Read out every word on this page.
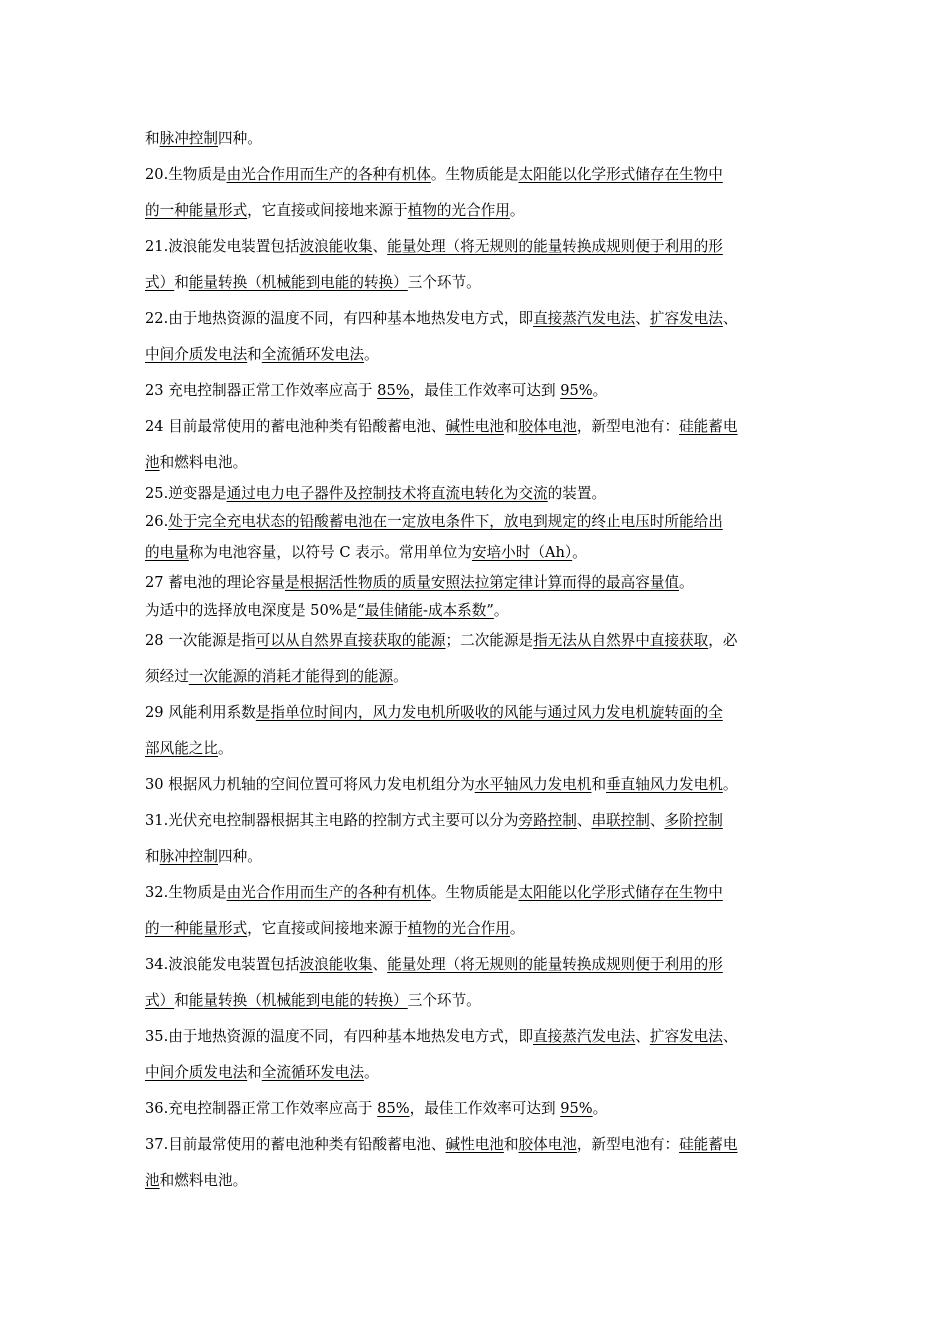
和脉冲控制四种。
20.生物质是由光合作用而生产的各种有机体。生物质能是太阳能以化学形式储存在生物中
的一种能量形式，它直接或间接地来源于植物的光合作用。
21.波浪能发电装置包括波浪能收集、能量处理（将无规则的能量转换成规则便于利用的形
式）和能量转换（机械能到电能的转换）三个环节。
22.由于地热资源的温度不同，有四种基本地热发电方式，即直接蒸汽发电法、扩容发电法、
中间介质发电法和全流循环发电法。
23 充电控制器正常工作效率应高于 85%，最佳工作效率可达到 95%。
24 目前最常使用的蓄电池种类有铅酸蓄电池、碱性电池和胶体电池，新型电池有：硅能蓄电
池和燃料电池。
25.逆变器是通过电力电子器件及控制技术将直流电转化为交流的装置。
26.处于完全充电状态的铅酸蓄电池在一定放电条件下，放电到规定的终止电压时所能给出
的电量称为电池容量，以符号 C 表示。常用单位为安培小时（Ah）。
27 蓄电池的理论容量是根据活性物质的质量安照法拉第定律计算而得的最高容量值。
为适中的选择放电深度是 50%是“最佳储能-成本系数”。
28 一次能源是指可以从自然界直接获取的能源；二次能源是指无法从自然界中直接获取，必
须经过一次能源的消耗才能得到的能源。
29 风能利用系数是指单位时间内，风力发电机所吸收的风能与通过风力发电机旋转面的全
部风能之比。
30 根据风力机轴的空间位置可将风力发电机组分为水平轴风力发电机和垂直轴风力发电机。
31.光伏充电控制器根据其主电路的控制方式主要可以分为旁路控制、串联控制、多阶控制
和脉冲控制四种。
32.生物质是由光合作用而生产的各种有机体。生物质能是太阳能以化学形式储存在生物中
的一种能量形式，它直接或间接地来源于植物的光合作用。
34.波浪能发电装置包括波浪能收集、能量处理（将无规则的能量转换成规则便于利用的形
式）和能量转换（机械能到电能的转换）三个环节。
35.由于地热资源的温度不同，有四种基本地热发电方式，即直接蒸汽发电法、扩容发电法、
中间介质发电法和全流循环发电法。
36.充电控制器正常工作效率应高于 85%，最佳工作效率可达到 95%。
37.目前最常使用的蓄电池种类有铅酸蓄电池、碱性电池和胶体电池，新型电池有：硅能蓄电
池和燃料电池。
